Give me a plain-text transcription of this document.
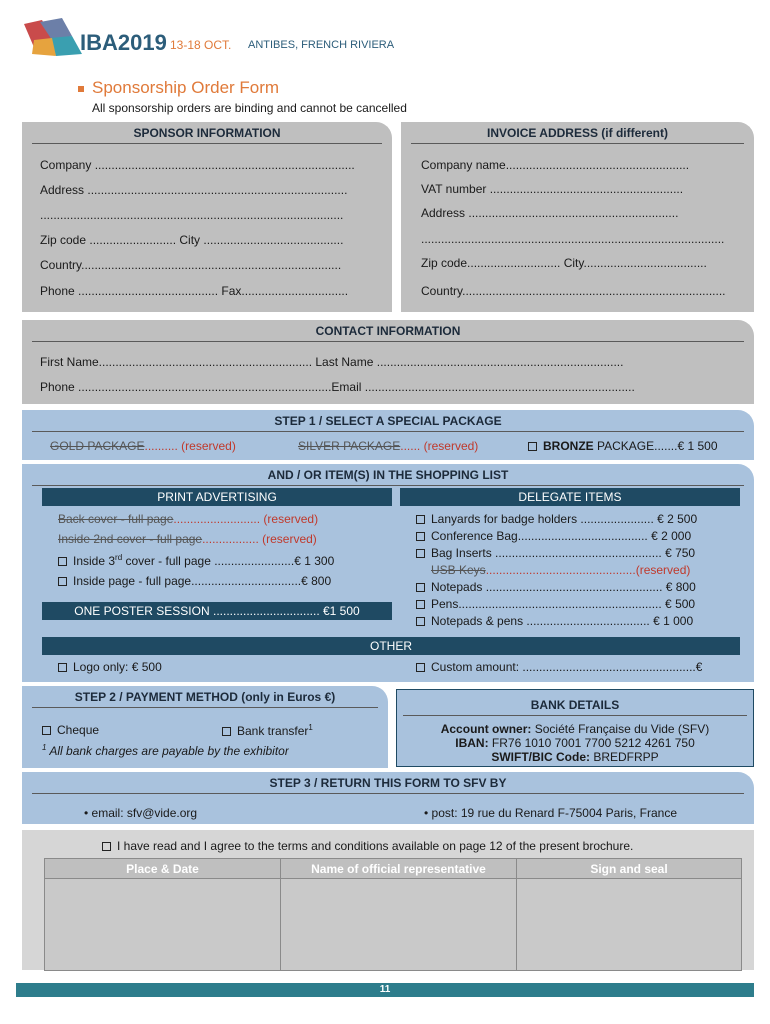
IBA2019 13-18 OCT. ANTIBES, FRENCH RIVIERA
Sponsorship Order Form
All sponsorship orders are binding and cannot be cancelled
SPONSOR INFORMATION
Company ..............................................................................
Address ..............................................................................
...........................................................................................
Zip code .......................... City ..........................................
Country..............................................................................
Phone .......................................... Fax................................
INVOICE ADDRESS (if different)
Company name.......................................................
VAT number ..........................................................
Address ...............................................................
...........................................................................................
Zip code............................ City.....................................
Country...............................................................................
CONTACT INFORMATION
First Name................................................................ Last Name ..........................................................................
Phone ............................................................................Email .................................................................................
STEP 1 / SELECT A SPECIAL PACKAGE
GOLD PACKAGE.......... (reserved)	SILVER PACKAGE...... (reserved)	BRONZE PACKAGE.......€ 1 500
AND / OR ITEM(S) IN THE SHOPPING LIST
PRINT ADVERTISING
Back cover - full page.......................... (reserved)
Inside 2nd cover - full page................. (reserved)
Inside 3rd cover - full page ........................€ 1 300
Inside page - full page.................................€ 800
ONE POSTER SESSION ................................ €1 500
DELEGATE ITEMS
Lanyards for badge holders ...................... € 2 500
Conference Bag....................................... € 2 000
Bag Inserts .................................................. € 750
USB Keys.............................................(reserved)
Notepads ..................................................... € 800
Pens............................................................. € 500
Notepads & pens ..................................... € 1 000
OTHER
Logo only: € 500	Custom amount: ....................................................€
STEP 2 / PAYMENT METHOD (only in Euros €)
Cheque	Bank transfer$^1$
$^1$ All bank charges are payable by the exhibitor
BANK DETAILS
Account owner: Société Française du Vide (SFV)
IBAN: FR76 1010 7001 7700 5212 4261 750
SWIFT/BIC Code: BREDFRPP
STEP 3 / RETURN THIS FORM TO SFV BY
• email: sfv@vide.org	• post: 19 rue du Renard F-75004 Paris, France
I have read and I agree to the terms and conditions available on page 12 of the present brochure.
Place & Date	Name of official representative	Sign and seal

11
